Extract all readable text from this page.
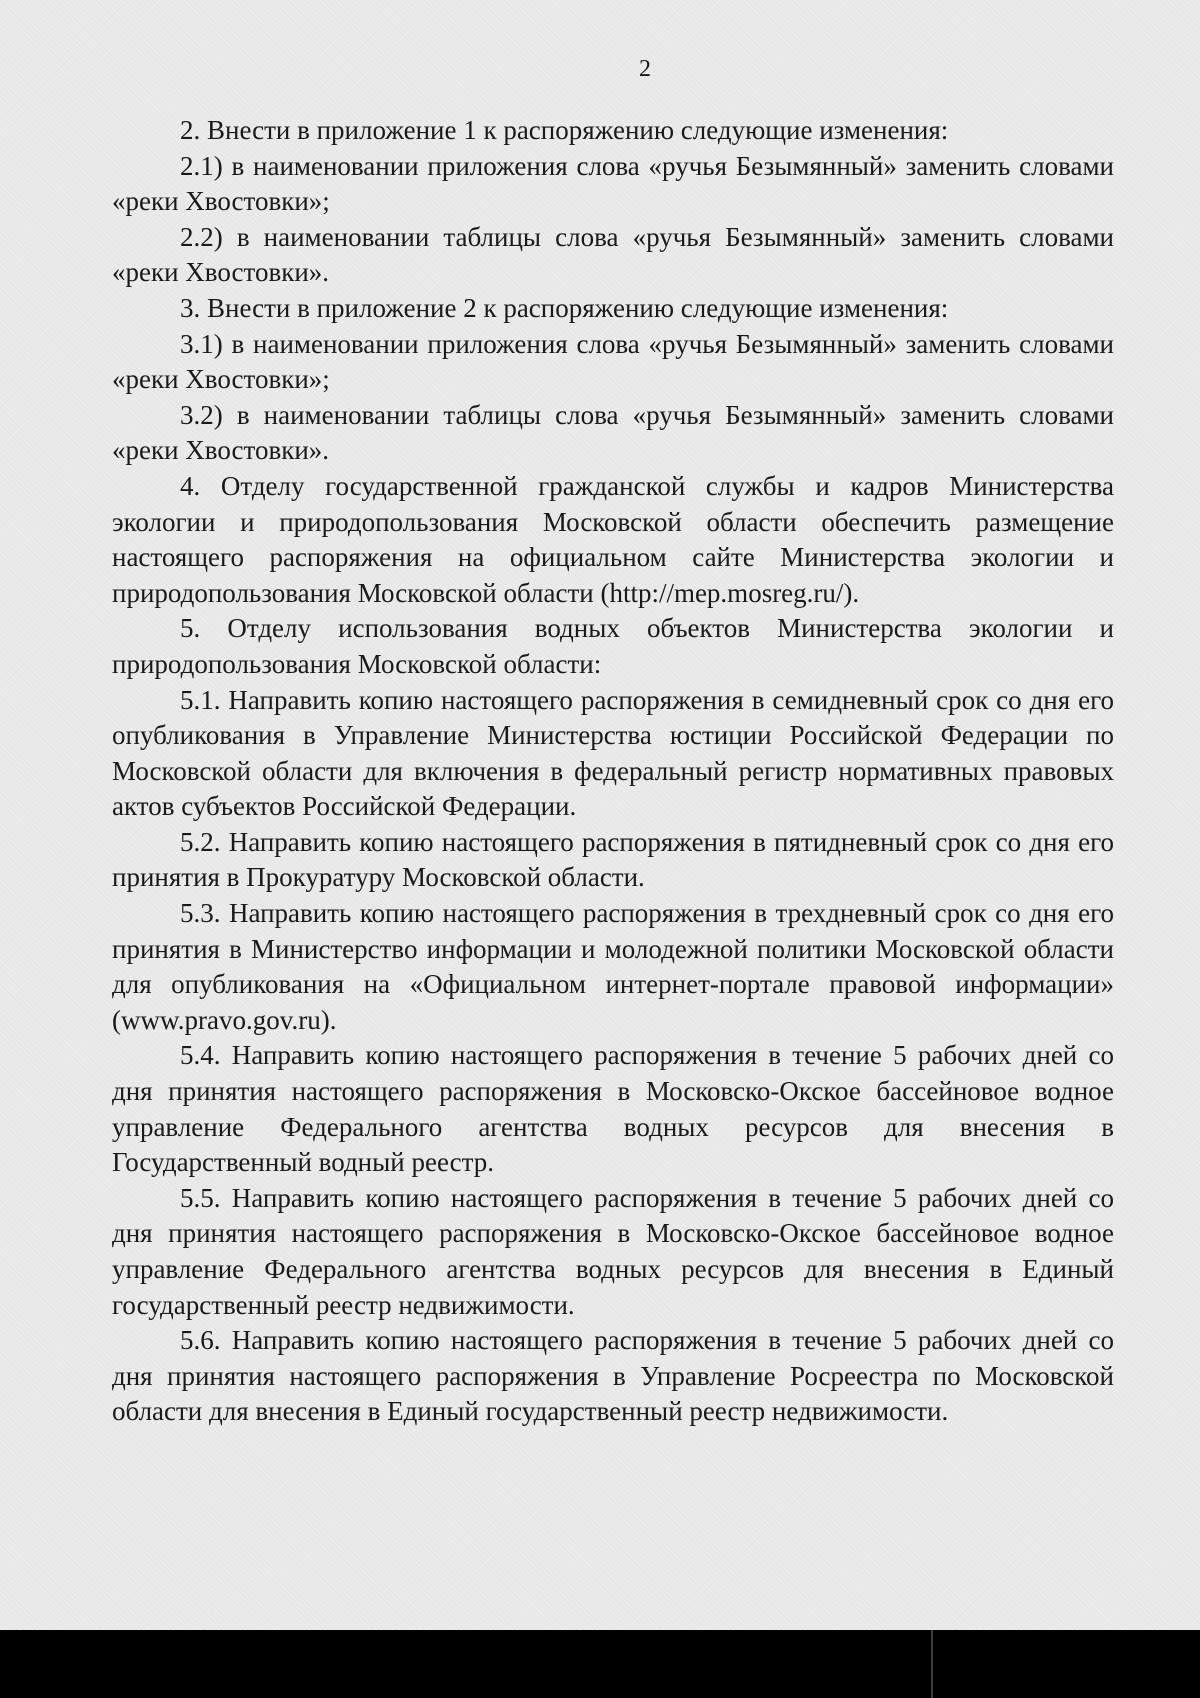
2

2. Внести в приложение 1 к распоряжению следующие изменения:

2.1) в наименовании приложения слова «ручья Безымянный» заменить словами «реки Хвостовки»;

2.2) в наименовании таблицы слова «ручья Безымянный» заменить словами «реки Хвостовки».

3. Внести в приложение 2 к распоряжению следующие изменения:

3.1) в наименовании приложения слова «ручья Безымянный» заменить словами «реки Хвостовки»;

3.2) в наименовании таблицы слова «ручья Безымянный» заменить словами «реки Хвостовки».

4. Отделу государственной гражданской службы и кадров Министерства экологии и природопользования Московской области обеспечить размещение настоящего распоряжения на официальном сайте Министерства экологии и природопользования Московской области (http://mep.mosreg.ru/).

5. Отделу использования водных объектов Министерства экологии и природопользования Московской области:

5.1. Направить копию настоящего распоряжения в семидневный срок со дня его опубликования в Управление Министерства юстиции Российской Федерации по Московской области для включения в федеральный регистр нормативных правовых актов субъектов Российской Федерации.

5.2. Направить копию настоящего распоряжения в пятидневный срок со дня его принятия в Прокуратуру Московской области.

5.3. Направить копию настоящего распоряжения в трехдневный срок со дня его принятия в Министерство информации и молодежной политики Московской области для опубликования на «Официальном интернет-портале правовой информации» (www.pravo.gov.ru).

5.4. Направить копию настоящего распоряжения в течение 5 рабочих дней со дня принятия настоящего распоряжения в Московско-Окское бассейновое водное управление Федерального агентства водных ресурсов для внесения в Государственный водный реестр.

5.5. Направить копию настоящего распоряжения в течение 5 рабочих дней со дня принятия настоящего распоряжения в Московско-Окское бассейновое водное управление Федерального агентства водных ресурсов для внесения в Единый государственный реестр недвижимости.

5.6. Направить копию настоящего распоряжения в течение 5 рабочих дней со дня принятия настоящего распоряжения в Управление Росреестра по Московской области для внесения в Единый государственный реестр недвижимости.
